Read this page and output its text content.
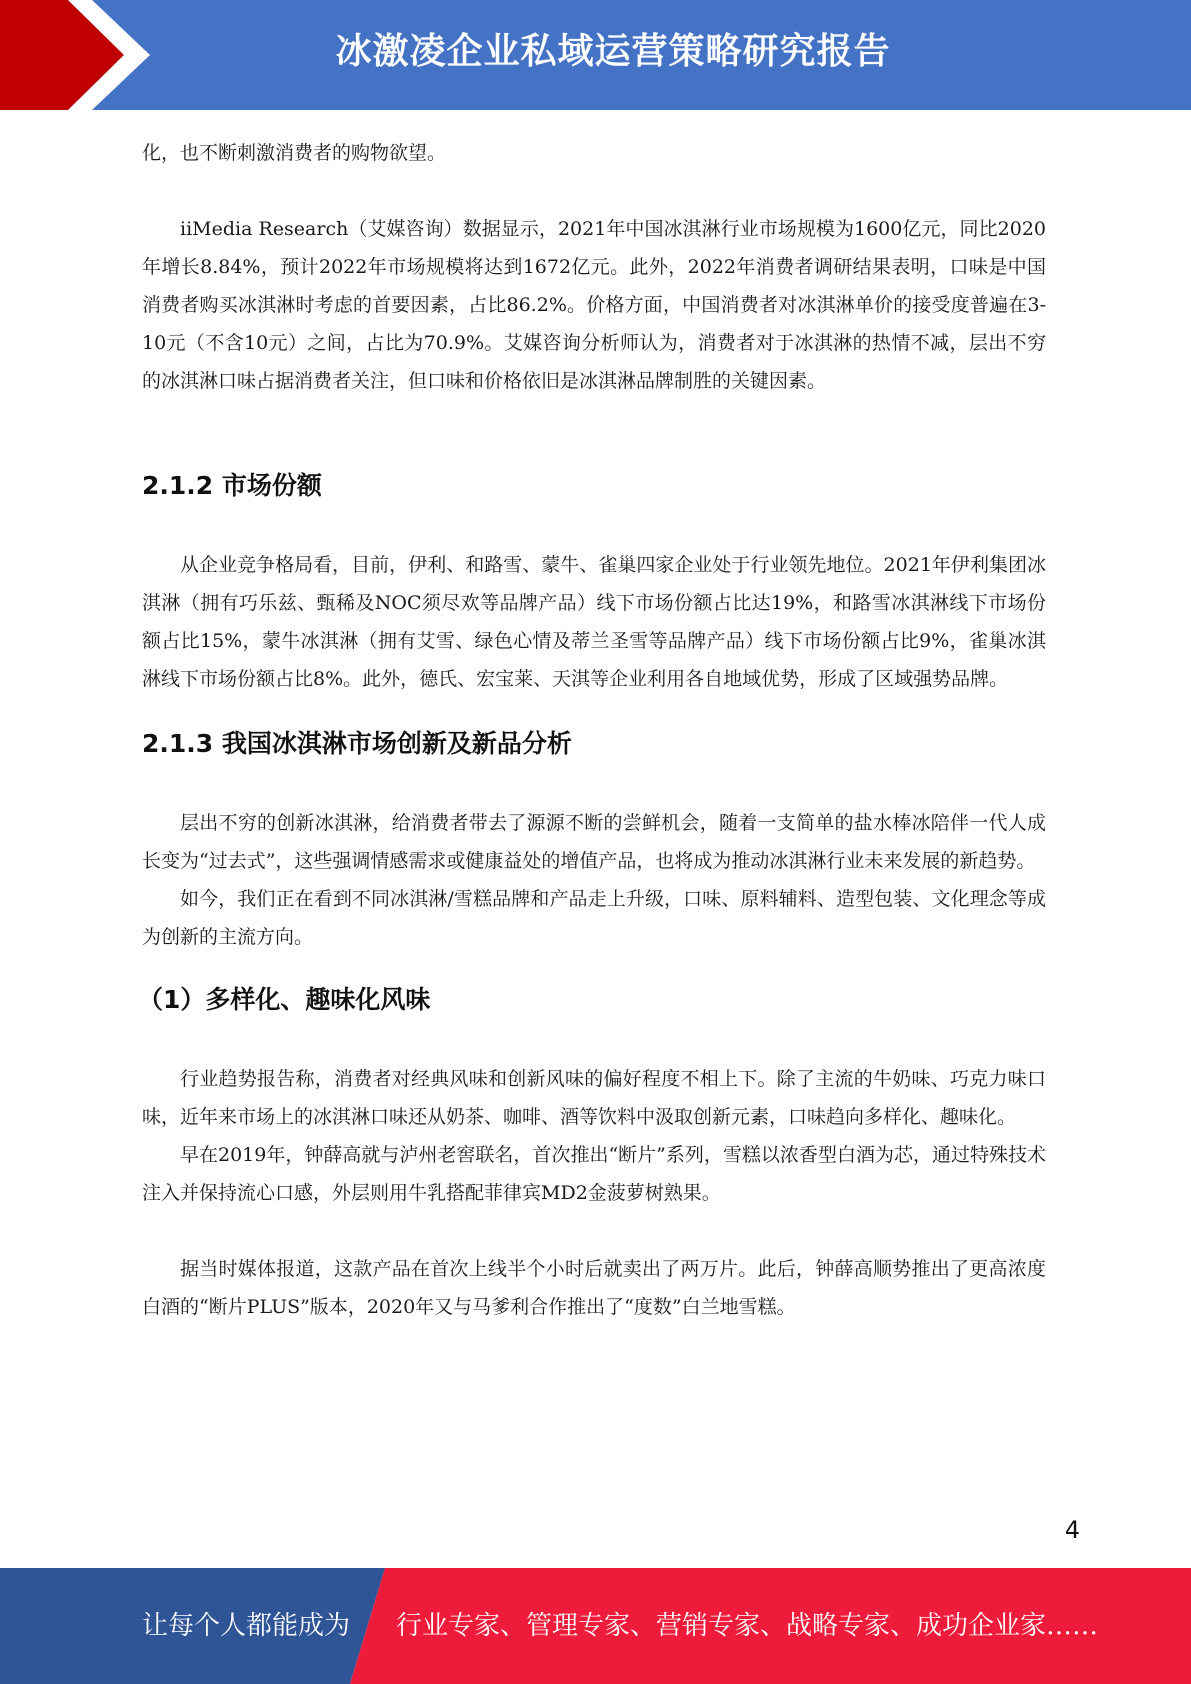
冰激凌企业私域运营策略研究报告

化，也不断刺激消费者的购物欲望。

iiMedia Research（艾媒咨询）数据显示，2021年中国冰淇淋行业市场规模为1600亿元，同比2020年增长8.84%，预计2022年市场规模将达到1672亿元。此外，2022年消费者调研结果表明，口味是中国消费者购买冰淇淋时考虑的首要因素，占比86.2%。价格方面，中国消费者对冰淇淋单价的接受度普遍在3-10元（不含10元）之间，占比为70.9%。艾媒咨询分析师认为，消费者对于冰淇淋的热情不减，层出不穷的冰淇淋口味占据消费者关注，但口味和价格依旧是冰淇淋品牌制胜的关键因素。

2.1.2 市场份额

从企业竞争格局看，目前，伊利、和路雪、蒙牛、雀巢四家企业处于行业领先地位。2021年伊利集团冰淇淋（拥有巧乐兹、甄稀及NOC须尽欢等品牌产品）线下市场份额占比达19%，和路雪冰淇淋线下市场份额占比15%，蒙牛冰淇淋（拥有艾雪、绿色心情及蒂兰圣雪等品牌产品）线下市场份额占比9%，雀巢冰淇淋线下市场份额占比8%。此外，德氏、宏宝莱、天淇等企业利用各自地域优势，形成了区域强势品牌。

2.1.3 我国冰淇淋市场创新及新品分析

层出不穷的创新冰淇淋，给消费者带去了源源不断的尝鲜机会，随着一支简单的盐水棒冰陪伴一代人成长变为“过去式”，这些强调情感需求或健康益处的增值产品，也将成为推动冰淇淋行业未来发展的新趋势。

如今，我们正在看到不同冰淇淋/雪糕品牌和产品走上升级，口味、原料辅料、造型包装、文化理念等成为创新的主流方向。

（1）多样化、趣味化风味

行业趋势报告称，消费者对经典风味和创新风味的偏好程度不相上下。除了主流的牛奶味、巧克力味口味，近年来市场上的冰淇淋口味还从奶茶、咖啡、酒等饮料中汲取创新元素，口味趋向多样化、趣味化。

早在2019年，钟薛高就与泸州老窖联名，首次推出“断片”系列，雪糕以浓香型白酒为芯，通过特殊技术注入并保持流心口感，外层则用牛乳搭配菲律宾MD2金菠萝树熟果。

据当时媒体报道，这款产品在首次上线半个小时后就卖出了两万片。此后，钟薛高顺势推出了更高浓度白酒的“断片PLUS”版本，2020年又与马爹利合作推出了“度数”白兰地雪糕。

4
让每个人都能成为 行业专家、管理专家、营销专家、战略专家、成功企业家……
